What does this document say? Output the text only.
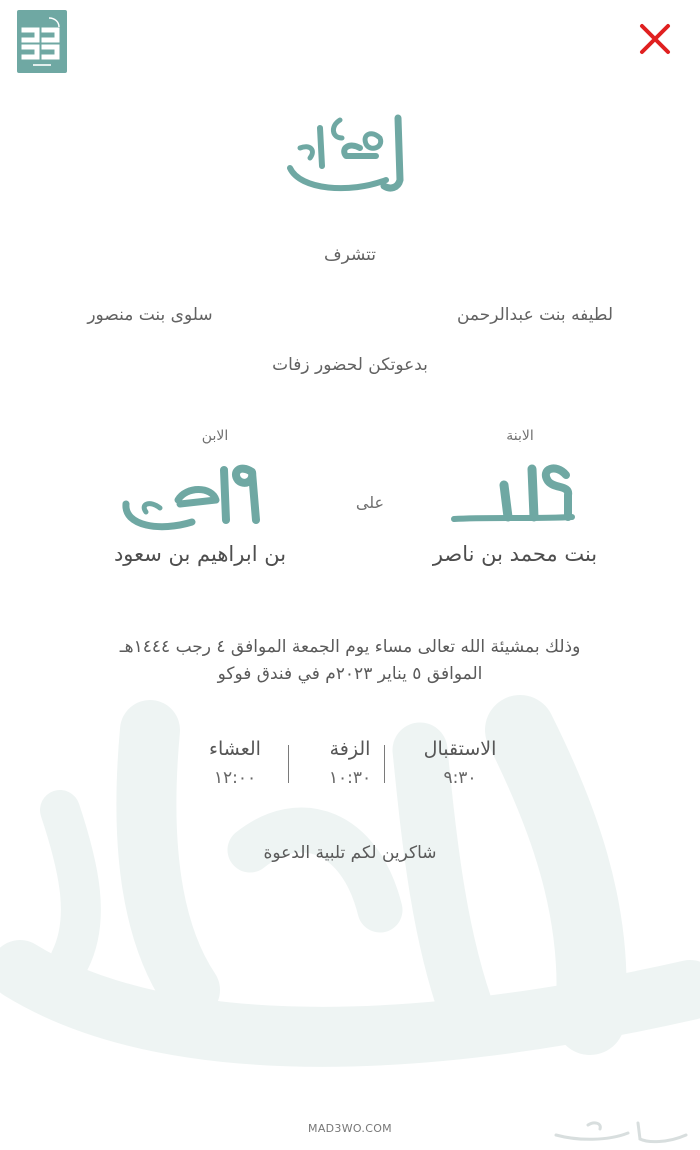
تتشرف
لطيفه بنت عبدالرحمن
سلوى بنت منصور
بدعوتكن لحضور زفات
الابنة
الابن
على
بنت محمد بن ناصر
بن ابراهيم بن سعود
وذلك بمشيئة الله تعالى مساء يوم الجمعة الموافق ٤ رجب ١٤٤٤هـ
الموافق ٥ يناير ٢٠٢٣م في فندق فوكو
الاستقبال
٩:٣٠
الزفة
١٠:٣٠
العشاء
١٢:٠٠
شاكرين لكم تلبية الدعوة
MAD3WO.COM
